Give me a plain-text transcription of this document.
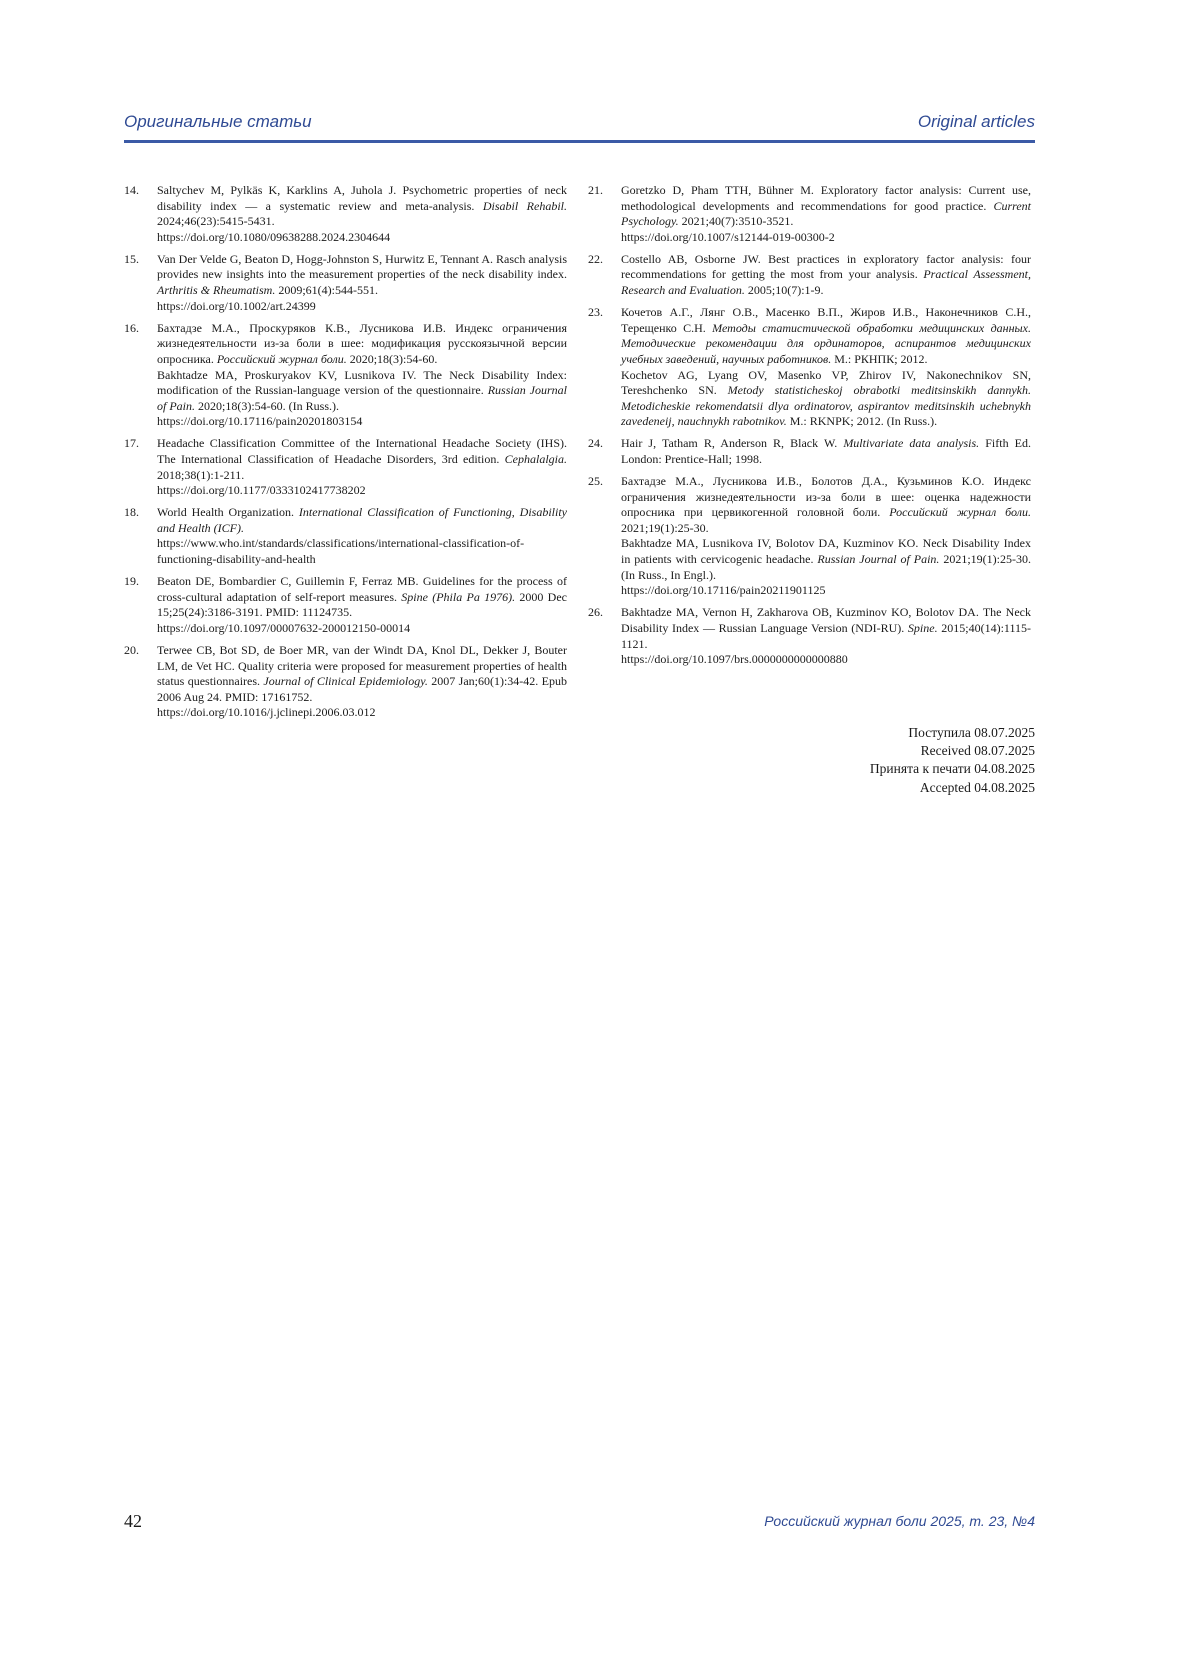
Оригинальные статьи	Original articles
14. Saltychev M, Pylkäs K, Karklins A, Juhola J. Psychometric properties of neck disability index — a systematic review and meta-analysis. Disabil Rehabil. 2024;46(23):5415-5431.
https://doi.org/10.1080/09638288.2024.2304644
15. Van Der Velde G, Beaton D, Hogg-Johnston S, Hurwitz E, Tennant A. Rasch analysis provides new insights into the measurement properties of the neck disability index. Arthritis & Rheumatism. 2009;61(4):544-551.
https://doi.org/10.1002/art.24399
16. Бахтадзе М.А., Проскуряков К.В., Лусникова И.В. Индекс ограничения жизнедеятельности из-за боли в шее: модификация русскоязычной версии опросника. Российский журнал боли. 2020;18(3):54-60.
Bakhtadze MA, Proskuryakov KV, Lusnikova IV. The Neck Disability Index: modification of the Russian-language version of the questionnaire. Russian Journal of Pain. 2020;18(3):54-60. (In Russ.).
https://doi.org/10.17116/pain20201803154
17. Headache Classification Committee of the International Headache Society (IHS). The International Classification of Headache Disorders, 3rd edition. Cephalalgia. 2018;38(1):1-211.
https://doi.org/10.1177/0333102417738202
18. World Health Organization. International Classification of Functioning, Disability and Health (ICF).
https://www.who.int/standards/classifications/international-classification-of-functioning-disability-and-health
19. Beaton DE, Bombardier C, Guillemin F, Ferraz MB. Guidelines for the process of cross-cultural adaptation of self-report measures. Spine (Phila Pa 1976). 2000 Dec 15;25(24):3186-3191. PMID: 11124735.
https://doi.org/10.1097/00007632-200012150-00014
20. Terwee CB, Bot SD, de Boer MR, van der Windt DA, Knol DL, Dekker J, Bouter LM, de Vet HC. Quality criteria were proposed for measurement properties of health status questionnaires. Journal of Clinical Epidemiology. 2007 Jan;60(1):34-42. Epub 2006 Aug 24. PMID: 17161752.
https://doi.org/10.1016/j.jclinepi.2006.03.012
21. Goretzko D, Pham TTH, Bühner M. Exploratory factor analysis: Current use, methodological developments and recommendations for good practice. Current Psychology. 2021;40(7):3510-3521.
https://doi.org/10.1007/s12144-019-00300-2
22. Costello AB, Osborne JW. Best practices in exploratory factor analysis: four recommendations for getting the most from your analysis. Practical Assessment, Research and Evaluation. 2005;10(7):1-9.
23. Кочетов А.Г., Лянг О.В., Масенко В.П., Жиров И.В., Наконечников С.Н., Терещенко С.Н. Методы статистической обработки медицинских данных. Методические рекомендации для ординаторов, аспирантов медицинских учебных заведений, научных работников. М.: РКНПК; 2012.
Kochetov AG, Lyang OV, Masenko VP, Zhirov IV, Nakonechnikov SN, Tereshchenko SN. Metody statisticheskoj obrabotki meditsinskikh dannykh. Metodicheskie rekomendatsii dlya ordinatorov, aspirantov meditsinskih uchebnykh zavedeneij, nauchnykh rabotnikov. M.: RKNPK; 2012. (In Russ.).
24. Hair J, Tatham R, Anderson R, Black W. Multivariate data analysis. Fifth Ed. London: Prentice-Hall; 1998.
25. Бахтадзе М.А., Лусникова И.В., Болотов Д.А., Кузьминов К.О. Индекс ограничения жизнедеятельности из-за боли в шее: оценка надежности опросника при цервикогенной головной боли. Российский журнал боли. 2021;19(1):25-30.
Bakhtadze MA, Lusnikova IV, Bolotov DA, Kuzminov KO. Neck Disability Index in patients with cervicogenic headache. Russian Journal of Pain. 2021;19(1):25-30. (In Russ., In Engl.).
https://doi.org/10.17116/pain20211901125
26. Bakhtadze MA, Vernon H, Zakharova OB, Kuzminov KO, Bolotov DA. The Neck Disability Index — Russian Language Version (NDI-RU). Spine. 2015;40(14):1115-1121.
https://doi.org/10.1097/brs.0000000000000880
Поступила 08.07.2025
Received 08.07.2025
Принята к печати 04.08.2025
Accepted 04.08.2025
42	Российский журнал боли 2025, т. 23, №4
